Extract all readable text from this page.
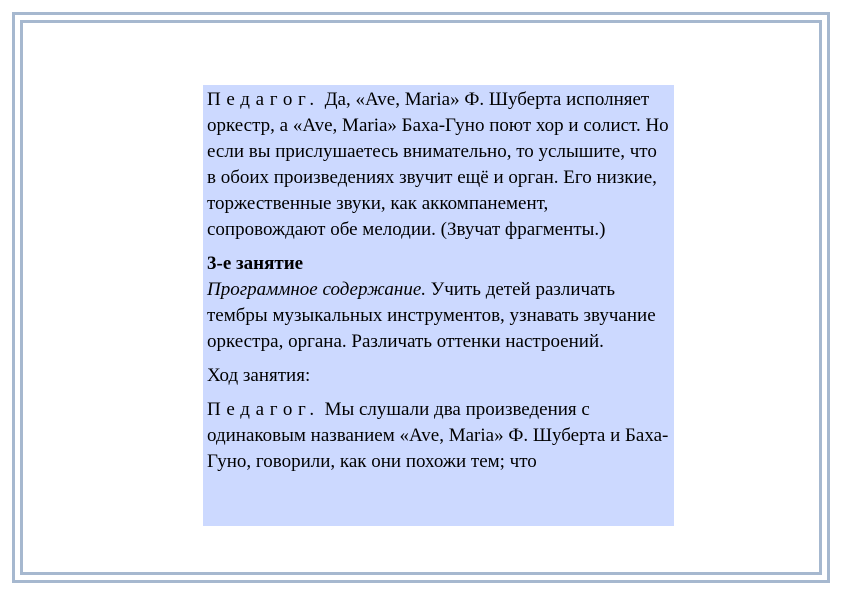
Педагог. Да, «Ave, Maria» Ф. Шуберта исполняет оркестр, а «Ave, Maria» Баха-Гуно поют хор и солист. Но если вы прислушаетесь внимательно, то услышите, что в обоих произведениях звучит ещё и орган. Его низкие, торжественные звуки, как аккомпанемент, сопровождают обе мелодии. (Звучат фрагменты.)

3-е занятие

Программное содержание. Учить детей различать тембры музыкальных инструментов, узнавать звучание оркестра, органа. Различать оттенки настроений.

Ход занятия:

Педагог. Мы слушали два произведения с одинаковым названием «Ave, Maria» Ф. Шуберта и Баха-Гуно, говорили, как они похожи тем; что
